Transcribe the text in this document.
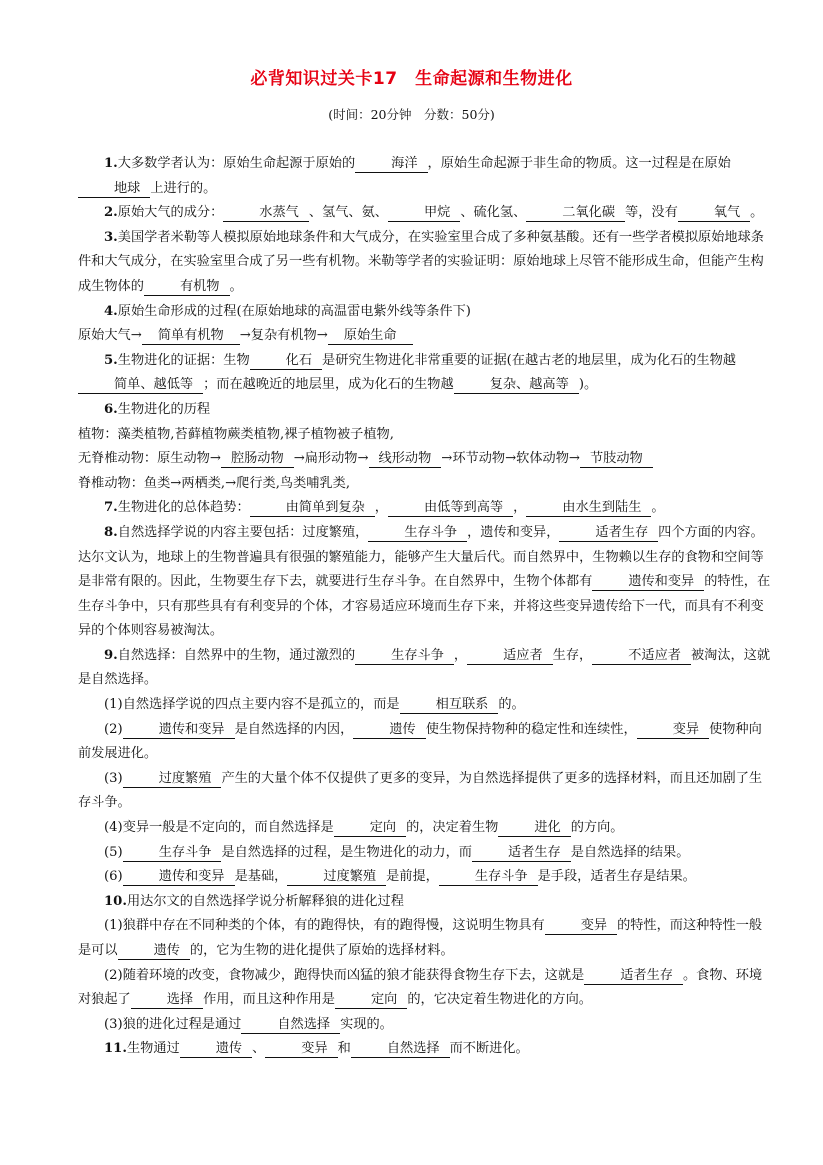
必背知识过关卡17　生命起源和生物进化
(时间：20分钟　分数：50分)

1.大多数学者认为：原始生命起源于原始的	海洋 ，原始生命起源于非生命的物质。这一过程是在原始地球 上进行的。

2.原始大气的成分：	水蒸气 、氢气、氨、	甲烷 、硫化氢、	二氧化碳 等，没有	氧气 。

3.美国学者米勒等人模拟原始地球条件和大气成分，在实验室里合成了多种氨基酸。还有一些学者模拟原始地球条件和大气成分，在实验室里合成了另一些有机物。米勒等学者的实验证明：原始地球上尽管不能形成生命，但能产生构成生物体的	有机物 。

4.原始生命形成的过程(在原始地球的高温雷电紫外线等条件下)

原始大气→ 简单有机物 →复杂有机物→ 原始生命

5.生物进化的证据：生物	化石 是研究生物进化非常重要的证据(在越古老的地层里，成为化石的生物越简单、越低等 ；而在越晚近的地层里，成为化石的生物越	复杂、越高等 )。

6.生物进化的历程

植物：藻类植物,苔藓植物蕨类植物,裸子植物被子植物,

无脊椎动物：原生动物→ 腔肠动物 →扁形动物→ 线形动物 →环节动物→软体动物→ 节肢动物

脊椎动物：鱼类→两栖类,→爬行类,鸟类哺乳类,

7.生物进化的总体趋势：	由简单到复杂 ，	由低等到高等 ，	由水生到陆生 。

8.自然选择学说的内容主要包括：过度繁殖，	生存斗争 ，遗传和变异，	适者生存 四个方面的内容。达尔文认为，地球上的生物普遍具有很强的繁殖能力，能够产生大量后代。而自然界中，生物赖以生存的食物和空间等是非常有限的。因此，生物要生存下去，就要进行生存斗争。在自然界中，生物个体都有	遗传和变异 的特性，在生存斗争中，只有那些具有有利变异的个体，才容易适应环境而生存下来，并将这些变异遗传给下一代，而具有不利变异的个体则容易被淘汰。

9.自然选择：自然界中的生物，通过激烈的	生存斗争 ，	适应者 生存，	不适应者 被淘汰，这就是自然选择。

(1)自然选择学说的四点主要内容不是孤立的，而是	相互联系 的。

(2)	遗传和变异 是自然选择的内因，	遗传 使生物保持物种的稳定性和连续性，	变异 使物种向前发展进化。

(3)	过度繁殖 产生的大量个体不仅提供了更多的变异，为自然选择提供了更多的选择材料，而且还加剧了生存斗争。

(4)变异一般是不定向的，而自然选择是	定向 的，决定着生物	进化 的方向。

(5)	生存斗争 是自然选择的过程，是生物进化的动力，而	适者生存 是自然选择的结果。

(6)	遗传和变异 是基础，	过度繁殖 是前提，	生存斗争 是手段，适者生存是结果。

10.用达尔文的自然选择学说分析解释狼的进化过程

(1)狼群中存在不同种类的个体，有的跑得快，有的跑得慢，这说明生物具有	变异 的特性，而这种特性一般是可以	遗传 的，它为生物的进化提供了原始的选择材料。

(2)随着环境的改变，食物减少，跑得快而凶猛的狼才能获得食物生存下去，这就是	适者生存 。食物、环境对狼起了	选择 作用，而且这种作用是	定向 的，它决定着生物进化的方向。

(3)狼的进化过程是通过	自然选择 实现的。

11.生物通过	遗传 、	变异 和	自然选择 而不断进化。
